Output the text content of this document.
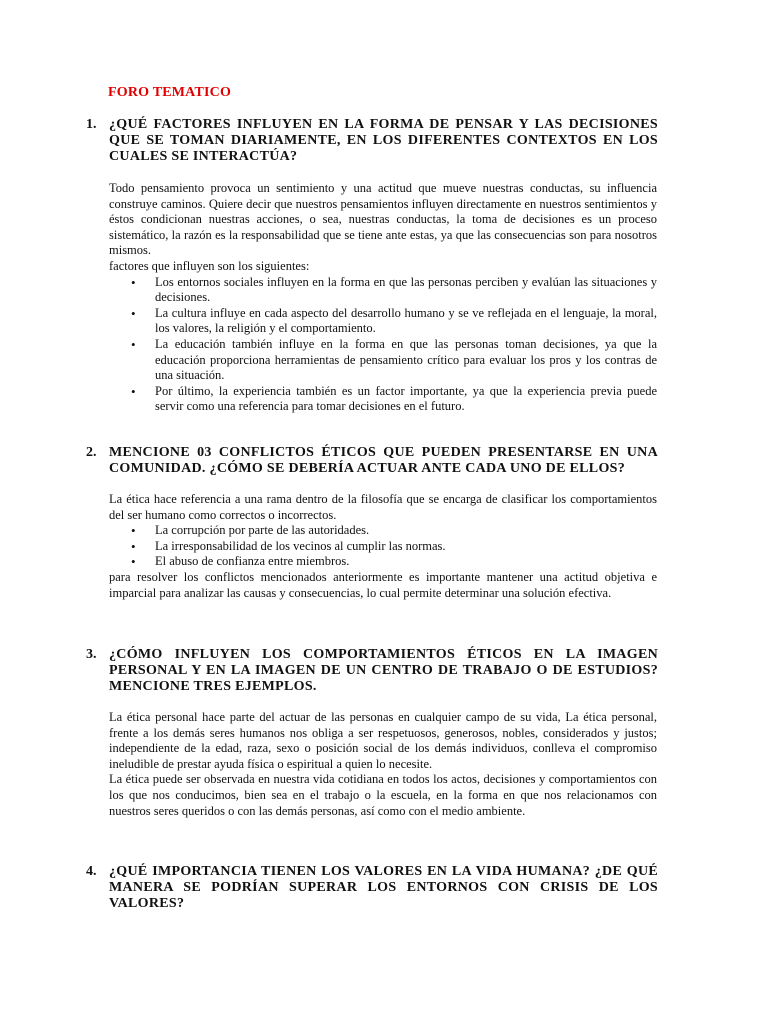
FORO TEMATICO
1. ¿QUÉ FACTORES INFLUYEN EN LA FORMA DE PENSAR Y LAS DECISIONES QUE SE TOMAN DIARIAMENTE, EN LOS DIFERENTES CONTEXTOS EN LOS CUALES SE INTERACTÚA?

Todo pensamiento provoca un sentimiento y una actitud que mueve nuestras conductas, su influencia construye caminos. Quiere decir que nuestros pensamientos influyen directamente en nuestros sentimientos y éstos condicionan nuestras acciones, o sea, nuestras conductas, la toma de decisiones es un proceso sistemático, la razón es la responsabilidad que se tiene ante estas, ya que las consecuencias son para nosotros mismos.

factores que influyen son los siguientes:

• Los entornos sociales influyen en la forma en que las personas perciben y evalúan las situaciones y decisiones.
• La cultura influye en cada aspecto del desarrollo humano y se ve reflejada en el lenguaje, la moral, los valores, la religión y el comportamiento.
• La educación también influye en la forma en que las personas toman decisiones, ya que la educación proporciona herramientas de pensamiento crítico para evaluar los pros y los contras de una situación.
• Por último, la experiencia también es un factor importante, ya que la experiencia previa puede servir como una referencia para tomar decisiones en el futuro.
2. MENCIONE 03 CONFLICTOS ÉTICOS QUE PUEDEN PRESENTARSE EN UNA COMUNIDAD. ¿CÓMO SE DEBERÍA ACTUAR ANTE CADA UNO DE ELLOS?

La ética hace referencia a una rama dentro de la filosofía que se encarga de clasificar los comportamientos del ser humano como correctos o incorrectos.

• La corrupción por parte de las autoridades.
• La irresponsabilidad de los vecinos al cumplir las normas.
• El abuso de confianza entre miembros.

para resolver los conflictos mencionados anteriormente es importante mantener una actitud objetiva e imparcial para analizar las causas y consecuencias, lo cual permite determinar una solución efectiva.

3. ¿CÓMO INFLUYEN LOS COMPORTAMIENTOS ÉTICOS EN LA IMAGEN PERSONAL Y EN LA IMAGEN DE UN CENTRO DE TRABAJO O DE ESTUDIOS? MENCIONE TRES EJEMPLOS.

La ética personal hace parte del actuar de las personas en cualquier campo de su vida, La ética personal, frente a los demás seres humanos nos obliga a ser respetuosos, generosos, nobles, considerados y justos; independiente de la edad, raza, sexo o posición social de los demás individuos, conlleva el compromiso ineludible de prestar ayuda física o espiritual a quien lo necesite.

La ética puede ser observada en nuestra vida cotidiana en todos los actos, decisiones y comportamientos con los que nos conducimos, bien sea en el trabajo o la escuela, en la forma en que nos relacionamos con nuestros seres queridos o con las demás personas, así como con el medio ambiente.

4. ¿QUÉ IMPORTANCIA TIENEN LOS VALORES EN LA VIDA HUMANA? ¿DE QUÉ MANERA SE PODRÍAN SUPERAR LOS ENTORNOS CON CRISIS DE LOS VALORES?
